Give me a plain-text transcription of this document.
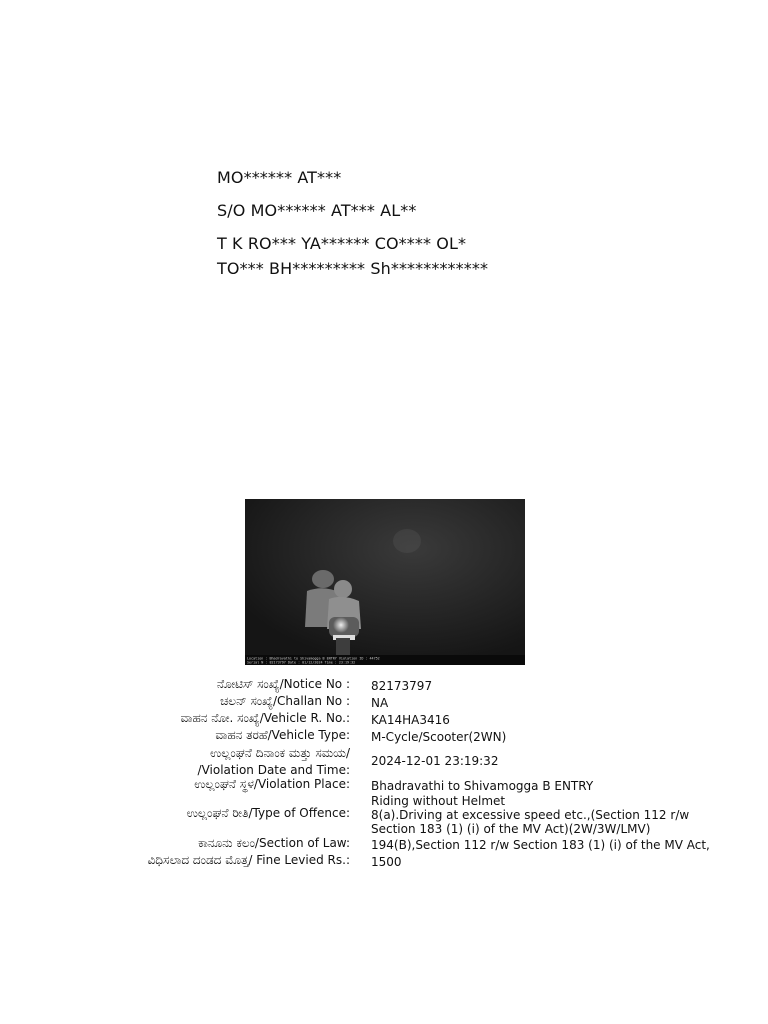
MO****** AT***
S/O MO****** AT*** AL**
T K RO*** YA****** CO**** OL*
TO*** BH********* Sh************
Location : Bhadravathi to Shivamogga B ENTRY Violation ID : 44752
Serial N : 82173797 Date : 01/12/2024 Time : 23:19:32
ನೋಟಿಸ್ ಸಂಖ್ಯೆ/Notice No : 82173797
ಚಲನ್ ಸಂಖ್ಯೆ/Challan No : NA
ವಾಹನ ನೋ. ಸಂಖ್ಯೆ/Vehicle R. No.: KA14HA3416
ವಾಹನ ತರಹೆ/Vehicle Type: M-Cycle/Scooter(2WN)
ಉಲ್ಲಂಘನೆ ದಿನಾಂಕ ಮತ್ತು ಸಮಯ/
/Violation Date and Time:
2024-12-01 23:19:32
ಉಲ್ಲಂಘನೆ ಸ್ಥಳ/Violation Place: Bhadravathi to Shivamogga B ENTRY
ಉಲ್ಲಂಘನೆ ರೀತಿ/Type of Offence:
Riding without Helmet
8(a).Driving at excessive speed etc.,(Section 112 r/w Section 183 (1) (i) of the MV Act)(2W/3W/LMV)
ಕಾನೂನು ಕಲಂ/Section of Law: 194(B),Section 112 r/w Section 183 (1) (i) of the MV Act,
ವಿಧಿಸಲಾದ ದಂಡದ ಮೊತ್ತ/ Fine Levied Rs.: 1500
